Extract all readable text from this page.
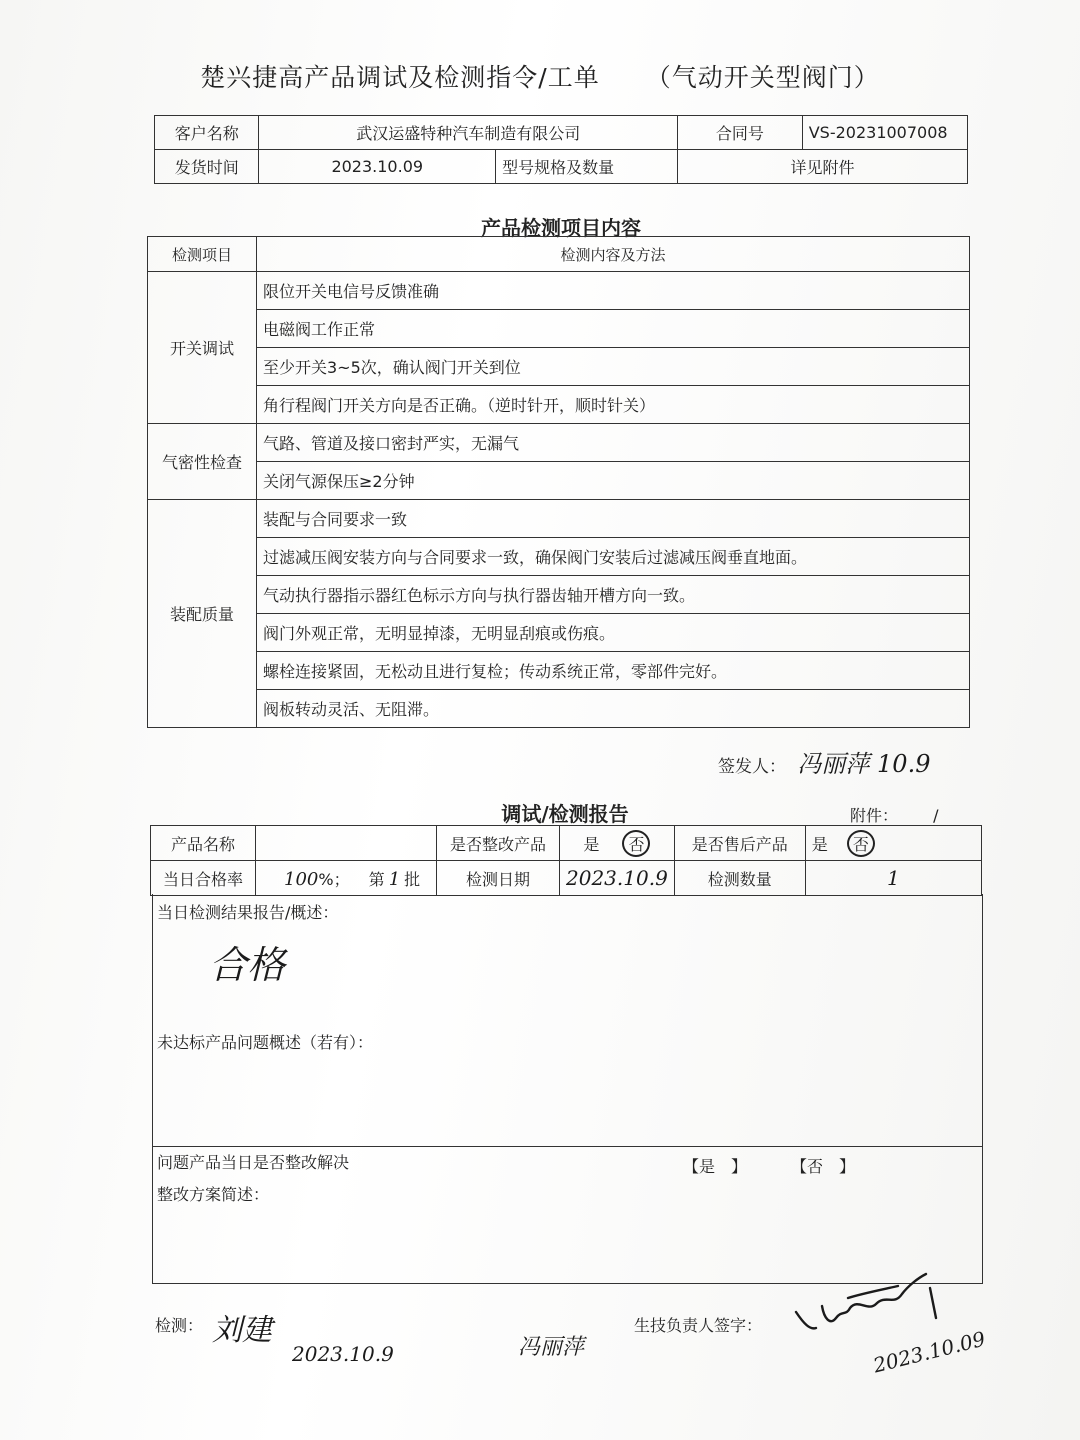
楚兴捷高产品调试及检测指令/工单 （气动开关型阀门）
客户名称	武汉运盛特种汽车制造有限公司		合同号	VS-20231007008
发货时间	2023.10.09	型号规格及数量	详见附件	
产品检测项目内容
检测项目	检测内容及方法
开关调试	限位开关电信号反馈准确
	电磁阀工作正常
	至少开关3~5次，确认阀门开关到位
	角行程阀门开关方向是否正确。（逆时针开，顺时针关）
气密性检查	气路、管道及接口密封严实，无漏气
	关闭气源保压≥2分钟
装配质量	装配与合同要求一致
	过滤减压阀安装方向与合同要求一致，确保阀门安装后过滤减压阀垂直地面。
	气动执行器指示器红色标示方向与执行器齿轴开槽方向一致。
	阀门外观正常，无明显掉漆，无明显刮痕或伤痕。
	螺栓连接紧固，无松动且进行复检；传动系统正常，零部件完好。
	阀板转动灵活、无阻滞。
签发人： 冯丽萍 10.9
调试/检测报告	附件： /
产品名称		是否整改产品	是 否	是否售后产品	是 否
当日合格率	100%； 第 1 批	检测日期	2023.10.9	检测数量	1
当日检测结果报告/概述：
合格
未达标产品问题概述（若有）：
问题产品当日是否整改解决	【是　】	【否　】
整改方案简述：
检测： 刘建
2023.10.9	冯丽萍
生技负责人签字：
2023.10.09
